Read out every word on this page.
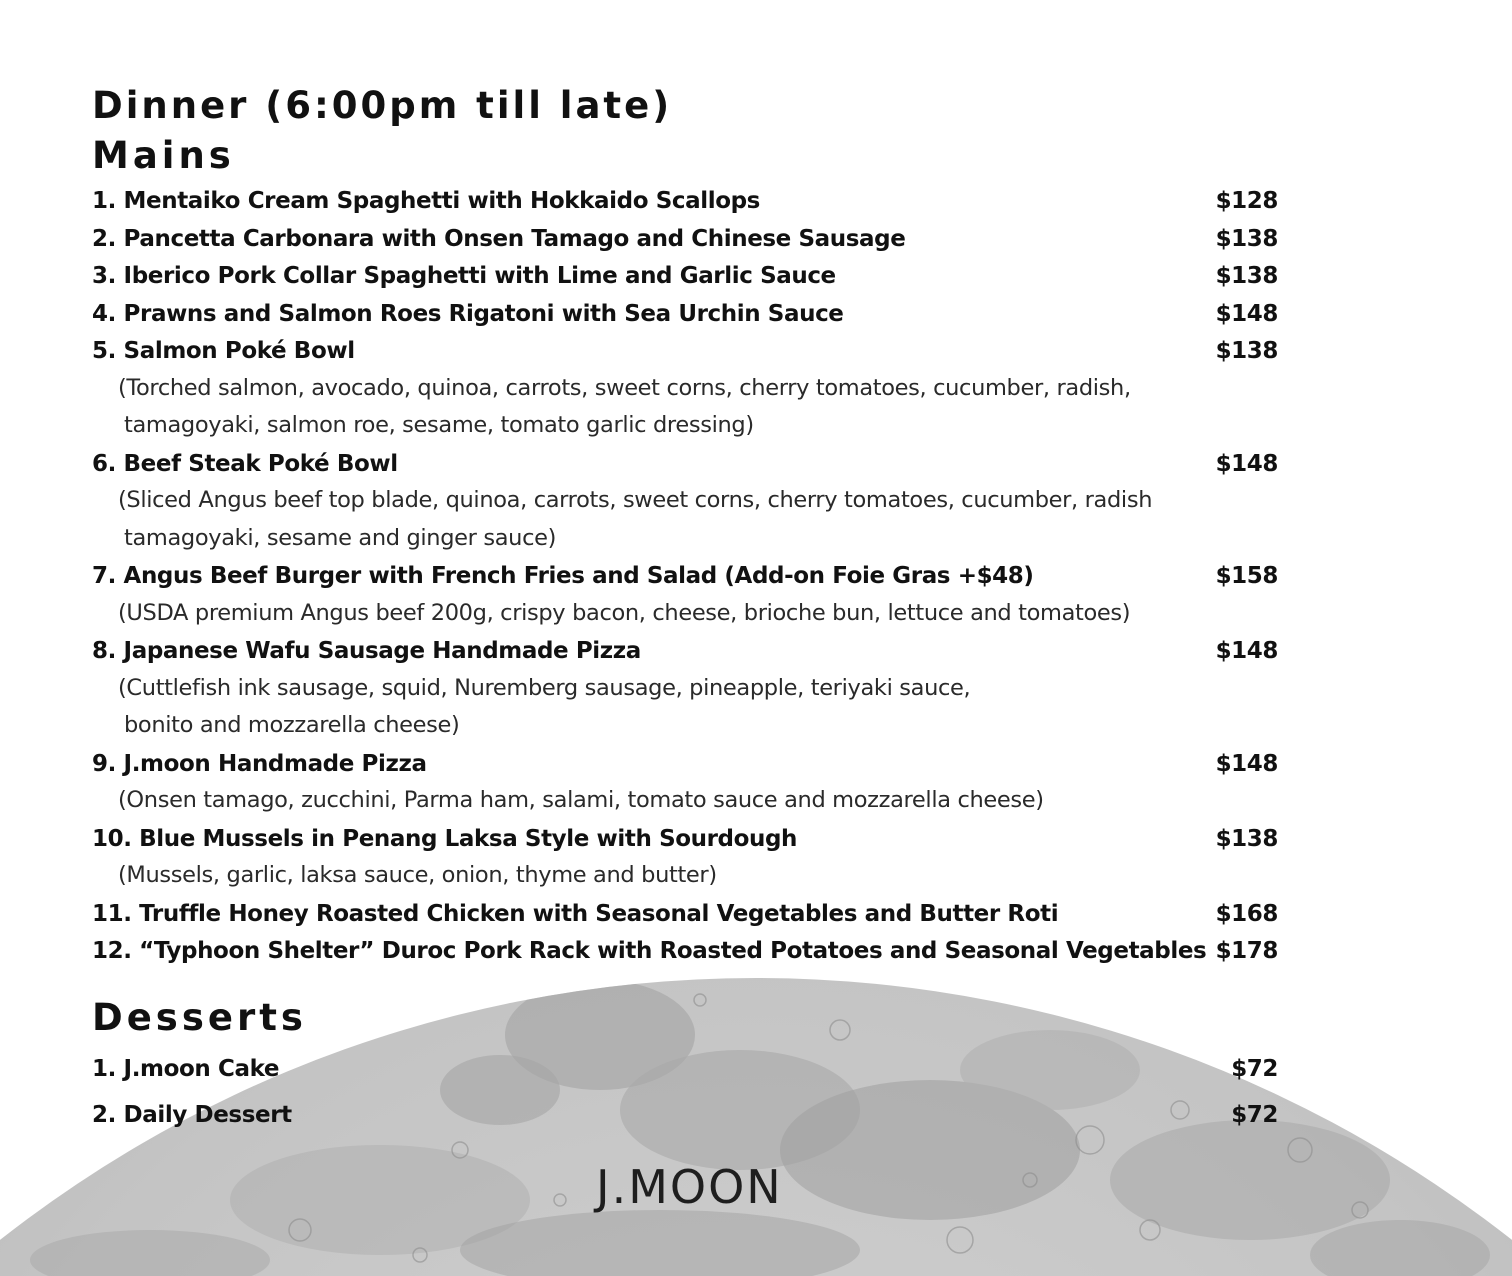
Dinner (6:00pm till late)
Mains
1. Mentaiko Cream Spaghetti with Hokkaido Scallops	$128
2. Pancetta Carbonara with Onsen Tamago and Chinese Sausage	$138
3. Iberico Pork Collar Spaghetti with Lime and Garlic Sauce	$138
4. Prawns and Salmon Roes Rigatoni with Sea Urchin Sauce	$148
5. Salmon Poké Bowl	$138
(Torched salmon, avocado, quinoa, carrots, sweet corns, cherry tomatoes, cucumber, radish,
tamagoyaki, salmon roe, sesame, tomato garlic dressing)
6. Beef Steak Poké Bowl	$148
(Sliced Angus beef top blade, quinoa, carrots, sweet corns, cherry tomatoes, cucumber, radish
tamagoyaki, sesame and ginger sauce)
7. Angus Beef Burger with French Fries and Salad (Add-on Foie Gras +$48)	$158
(USDA premium Angus beef 200g, crispy bacon, cheese, brioche bun, lettuce and tomatoes)
8. Japanese Wafu Sausage Handmade Pizza	$148
(Cuttlefish ink sausage, squid, Nuremberg sausage, pineapple, teriyaki sauce,
bonito and mozzarella cheese)
9. J.moon Handmade Pizza	$148
(Onsen tamago, zucchini, Parma ham, salami, tomato sauce and mozzarella cheese)
10. Blue Mussels in Penang Laksa Style with Sourdough	$138
(Mussels, garlic, laksa sauce, onion, thyme and butter)
11. Truffle Honey Roasted Chicken with Seasonal Vegetables and Butter Roti	$168
12. “Typhoon Shelter” Duroc Pork Rack with Roasted Potatoes and Seasonal Vegetables $178
Desserts
1. J.moon Cake	$72
2. Daily Dessert	$72
J.MOON
